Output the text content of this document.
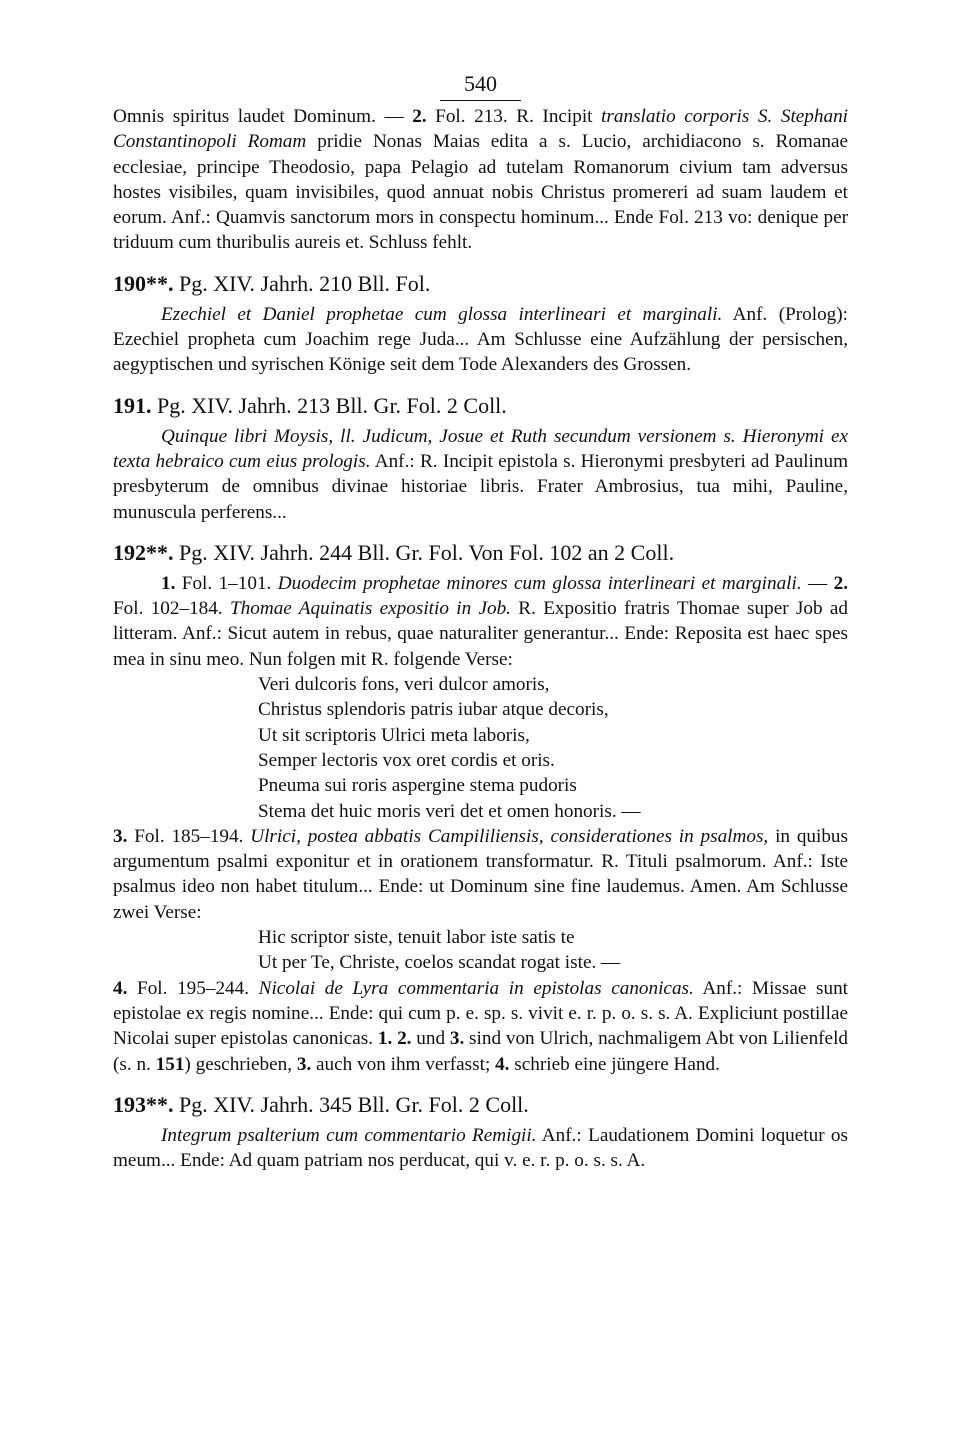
540

Omnis spiritus laudet Dominum. — 2. Fol. 213. R. Incipit translatio corporis S. Stephani Constantinopoli Romam pridie Nonas Maias edita a s. Lucio, archidiacono s. Romanae ecclesiae, principe Theodosio, papa Pelagio ad tutelam Romanorum civium tam adversus hostes visibiles, quam invisibiles, quod annuat nobis Christus promereri ad suam laudem et eorum. Anf.: Quamvis sanctorum mors in conspectu hominum... Ende Fol. 213 vo: denique per triduum cum thuribulis aureis et. Schluss fehlt.

190**. Pg. XIV. Jahrh. 210 Bll. Fol.

Ezechiel et Daniel prophetae cum glossa interlineari et marginali. Anf. (Prolog): Ezechiel propheta cum Joachim rege Juda... Am Schlusse eine Aufzählung der persischen, aegyptischen und syrischen Könige seit dem Tode Alexanders des Grossen.

191. Pg. XIV. Jahrh. 213 Bll. Gr. Fol. 2 Coll.

Quinque libri Moysis, ll. Judicum, Josue et Ruth secundum versionem s. Hieronymi ex texta hebraico cum eius prologis. Anf.: R. Incipit epistola s. Hieronymi presbyteri ad Paulinum presbyterum de omnibus divinae historiae libris. Frater Ambrosius, tua mihi, Pauline, munuscula perferens...

192**. Pg. XIV. Jahrh. 244 Bll. Gr. Fol. Von Fol. 102 an 2 Coll.

1. Fol. 1–101. Duodecim prophetae minores cum glossa interlineari et marginali. — 2. Fol. 102–184. Thomae Aquinatis expositio in Job. R. Expositio fratris Thomae super Job ad litteram. Anf.: Sicut autem in rebus, quae naturaliter generantur... Ende: Reposita est haec spes mea in sinu meo. Nun folgen mit R. folgende Verse:

Veri dulcoris fons, veri dulcor amoris,
Christus splendoris patris iubar atque decoris,
Ut sit scriptoris Ulrici meta laboris,
Semper lectoris vox oret cordis et oris.
Pneuma sui roris aspergine stema pudoris
Stema det huic moris veri det et omen honoris. —

3. Fol. 185–194. Ulrici, postea abbatis Campililiensis, considerationes in psalmos, in quibus argumentum psalmi exponitur et in orationem transformatur. R. Tituli psalmorum. Anf.: Iste psalmus ideo non habet titulum... Ende: ut Dominum sine fine laudemus. Amen. Am Schlusse zwei Verse:

Hic scriptor siste, tenuit labor iste satis te
Ut per Te, Christe, coelos scandat rogat iste. —

4. Fol. 195–244. Nicolai de Lyra commentaria in epistolas canonicas. Anf.: Missae sunt epistolae ex regis nomine... Ende: qui cum p. e. sp. s. vivit e. r. p. o. s. s. A. Expliciunt postillae Nicolai super epistolas canonicas. 1. 2. und 3. sind von Ulrich, nachmaligem Abt von Lilienfeld (s. n. 151) geschrieben, 3. auch von ihm verfasst; 4. schrieb eine jüngere Hand.

193**. Pg. XIV. Jahrh. 345 Bll. Gr. Fol. 2 Coll.

Integrum psalterium cum commentario Remigii. Anf.: Laudationem Domini loquetur os meum... Ende: Ad quam patriam nos perducat, qui v. e. r. p. o. s. s. A.
